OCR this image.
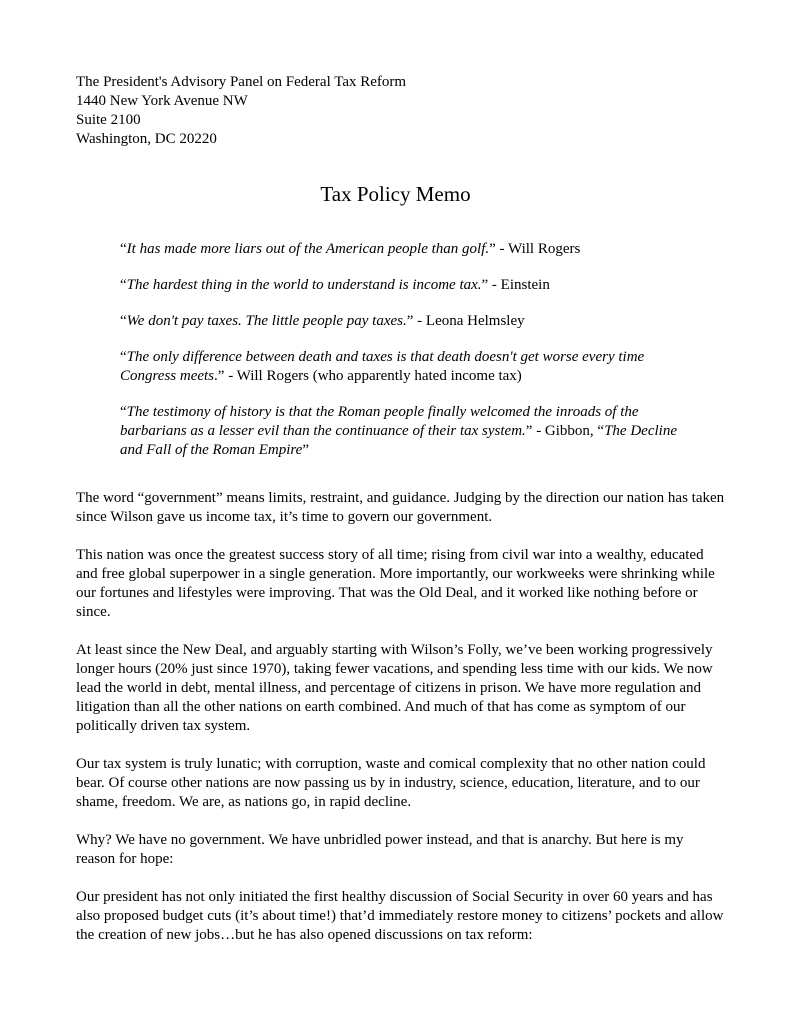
The President's Advisory Panel on Federal Tax Reform
1440 New York Avenue NW
Suite 2100
Washington, DC 20220
Tax Policy Memo

“It has made more liars out of the American people than golf.” - Will Rogers

“The hardest thing in the world to understand is income tax.” - Einstein

“We don't pay taxes. The little people pay taxes.” - Leona Helmsley

“The only difference between death and taxes is that death doesn't get worse every time Congress meets.” - Will Rogers (who apparently hated income tax)

“The testimony of history is that the Roman people finally welcomed the inroads of the barbarians as a lesser evil than the continuance of their tax system.” - Gibbon, “The Decline and Fall of the Roman Empire”

The word “government” means limits, restraint, and guidance. Judging by the direction our nation has taken since Wilson gave us income tax, it’s time to govern our government.

This nation was once the greatest success story of all time; rising from civil war into a wealthy, educated and free global superpower in a single generation. More importantly, our workweeks were shrinking while our fortunes and lifestyles were improving. That was the Old Deal, and it worked like nothing before or since.

At least since the New Deal, and arguably starting with Wilson’s Folly, we’ve been working progressively longer hours (20% just since 1970), taking fewer vacations, and spending less time with our kids. We now lead the world in debt, mental illness, and percentage of citizens in prison. We have more regulation and litigation than all the other nations on earth combined. And much of that has come as symptom of our politically driven tax system.

Our tax system is truly lunatic; with corruption, waste and comical complexity that no other nation could bear. Of course other nations are now passing us by in industry, science, education, literature, and to our shame, freedom. We are, as nations go, in rapid decline.

Why? We have no government. We have unbridled power instead, and that is anarchy. But here is my reason for hope:

Our president has not only initiated the first healthy discussion of Social Security in over 60 years and has also proposed budget cuts (it’s about time!) that’d immediately restore money to citizens’ pockets and allow the creation of new jobs…but he has also opened discussions on tax reform:
